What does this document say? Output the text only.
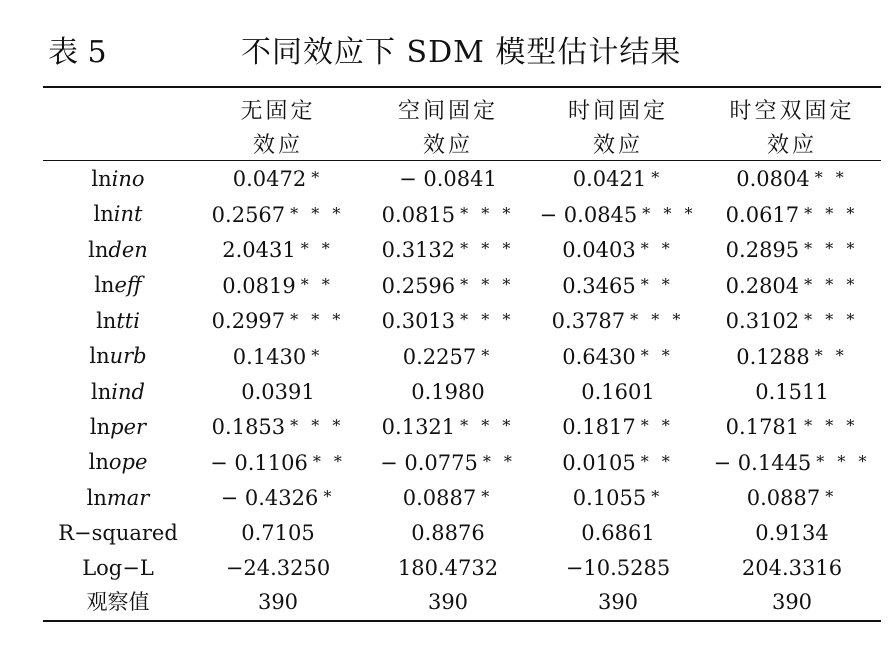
表 5	不同效应下 SDM 模型估计结果
	无固定	空间固定	时间固定	时空双固定
	效应	效应	效应	效应
lnino	0.0472 *	− 0.0841	0.0421 *	0.0804 * *
lnint	0.2567 * * *	0.0815 * * *	− 0.0845 * * *	0.0617 * * *
lnden	2.0431 * *	0.3132 * * *	0.0403 * *	0.2895 * * *
lneff	0.0819 * *	0.2596 * * *	0.3465 * *	0.2804 * * *
lntti	0.2997 * * *	0.3013 * * *	0.3787 * * *	0.3102 * * *
lnurb	0.1430 *	0.2257 *	0.6430 * *	0.1288 * *
lnind	0.0391	0.1980	0.1601	0.1511
lnper	0.1853 * * *	0.1321 * * *	0.1817 * *	0.1781 * * *
lnope	− 0.1106 * *	− 0.0775 * *	0.0105 * *	− 0.1445 * * *
lnmar	− 0.4326 *	0.0887 *	0.1055 *	0.0887 *
R−squared	0.7105	0.8876	0.6861	0.9134
Log−L	−24.3250	180.4732	−10.5285	204.3316
观察值	390	390	390	390
